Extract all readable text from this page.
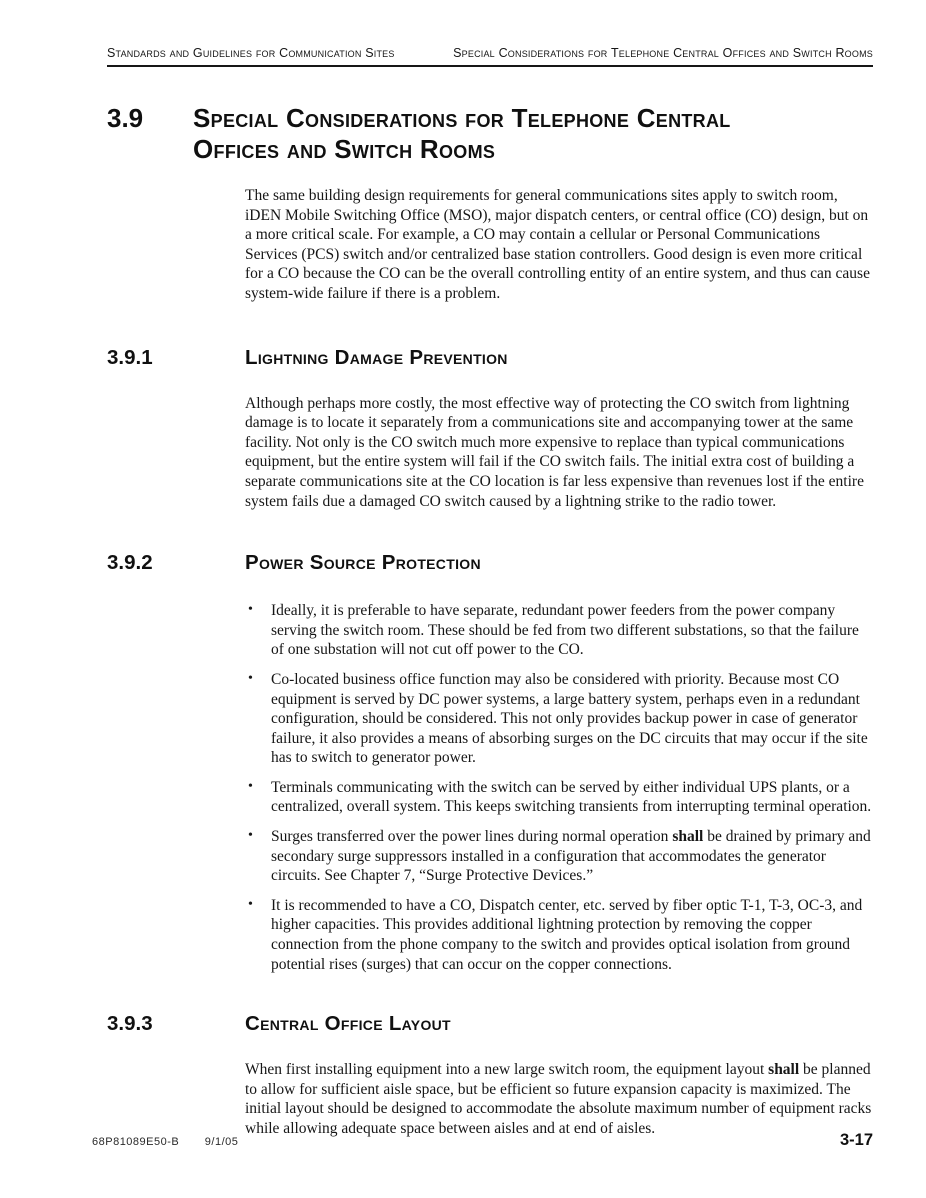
Standards and Guidelines for Communication Sites	Special Considerations for Telephone Central Offices and Switch Rooms
3.9	Special Considerations for Telephone Central Offices and Switch Rooms

The same building design requirements for general communications sites apply to switch room, iDEN Mobile Switching Office (MSO), major dispatch centers, or central office (CO) design, but on a more critical scale. For example, a CO may contain a cellular or Personal Communications Services (PCS) switch and/or centralized base station controllers. Good design is even more critical for a CO because the CO can be the overall controlling entity of an entire system, and thus can cause system-wide failure if there is a problem.

3.9.1	Lightning Damage Prevention

Although perhaps more costly, the most effective way of protecting the CO switch from lightning damage is to locate it separately from a communications site and accompanying tower at the same facility. Not only is the CO switch much more expensive to replace than typical communications equipment, but the entire system will fail if the CO switch fails. The initial extra cost of building a separate communications site at the CO location is far less expensive than revenues lost if the entire system fails due a damaged CO switch caused by a lightning strike to the radio tower.

3.9.2	Power Source Protection
• Ideally, it is preferable to have separate, redundant power feeders from the power company serving the switch room. These should be fed from two different substations, so that the failure of one substation will not cut off power to the CO.
• Co-located business office function may also be considered with priority. Because most CO equipment is served by DC power systems, a large battery system, perhaps even in a redundant configuration, should be considered. This not only provides backup power in case of generator failure, it also provides a means of absorbing surges on the DC circuits that may occur if the site has to switch to generator power.
• Terminals communicating with the switch can be served by either individual UPS plants, or a centralized, overall system. This keeps switching transients from interrupting terminal operation.
• Surges transferred over the power lines during normal operation shall be drained by primary and secondary surge suppressors installed in a configuration that accommodates the generator circuits. See Chapter 7, “Surge Protective Devices.”
• It is recommended to have a CO, Dispatch center, etc. served by fiber optic T-1, T-3, OC-3, and higher capacities. This provides additional lightning protection by removing the copper connection from the phone company to the switch and provides optical isolation from ground potential rises (surges) that can occur on the copper connections.
3.9.3	Central Office Layout

When first installing equipment into a new large switch room, the equipment layout shall be planned to allow for sufficient aisle space, but be efficient so future expansion capacity is maximized. The initial layout should be designed to accommodate the absolute maximum number of equipment racks while allowing adequate space between aisles and at end of aisles.

68P81089E50-B 9/1/05	3-17
